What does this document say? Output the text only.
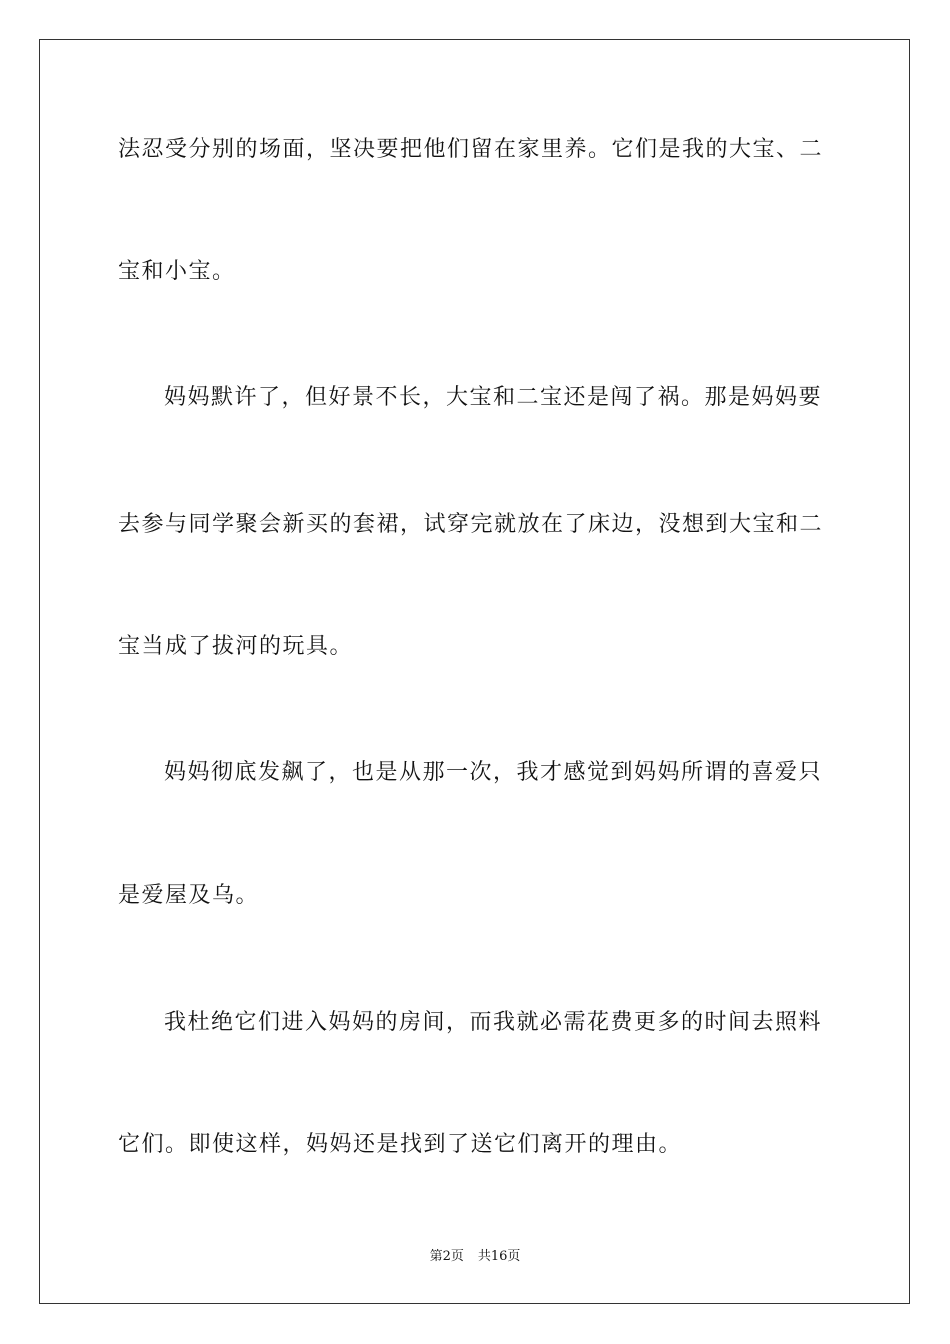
法忍受分别的场面，坚决要把他们留在家里养。它们是我的大宝、二
宝和小宝。
妈妈默许了，但好景不长，大宝和二宝还是闯了祸。那是妈妈要
去参与同学聚会新买的套裙，试穿完就放在了床边，没想到大宝和二
宝当成了拔河的玩具。
妈妈彻底发飙了，也是从那一次，我才感觉到妈妈所谓的喜爱只
是爱屋及乌。
我杜绝它们进入妈妈的房间，而我就必需花费更多的时间去照料
它们。即使这样，妈妈还是找到了送它们离开的理由。
第2页 共16页
